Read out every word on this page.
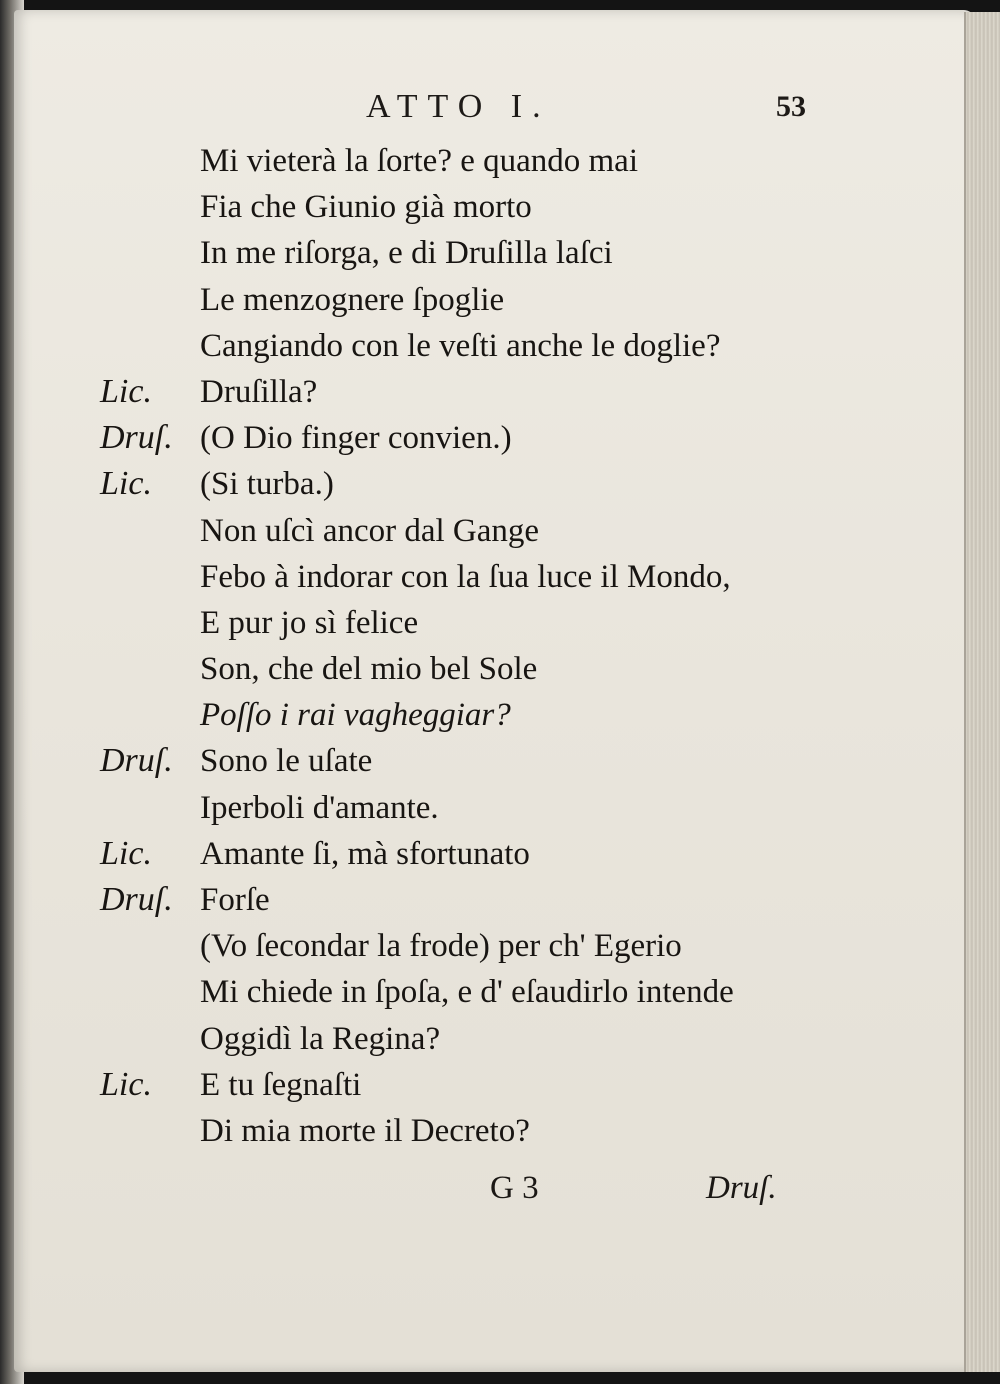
ATTO I.	53
Mi vieterà la ſorte? e quando mai
Fia che Giunio già morto
In me riſorga, e di Druſilla laſci
Le menzognere ſpoglie
Cangiando con le veſti anche le doglie?
Lic. Druſilla?
Druſ. (O Dio finger convien.)
Lic. (Si turba.)
Non uſcì ancor dal Gange
Febo à indorar con la ſua luce il Mondo,
E pur jo sì felice
Son, che del mio bel Sole
Poſſo i rai vagheggiar?
Druſ. Sono le uſate
Iperboli d'amante.
Lic. Amante ſi, mà sfortunato
Druſ. Forſe
(Vo ſecondar la frode) per ch' Egerio
Mi chiede in ſpoſa, e d' eſaudirlo intende
Oggidì la Regina?
Lic. E tu ſegnaſti
Di mia morte il Decreto?
G 3	Druſ.
